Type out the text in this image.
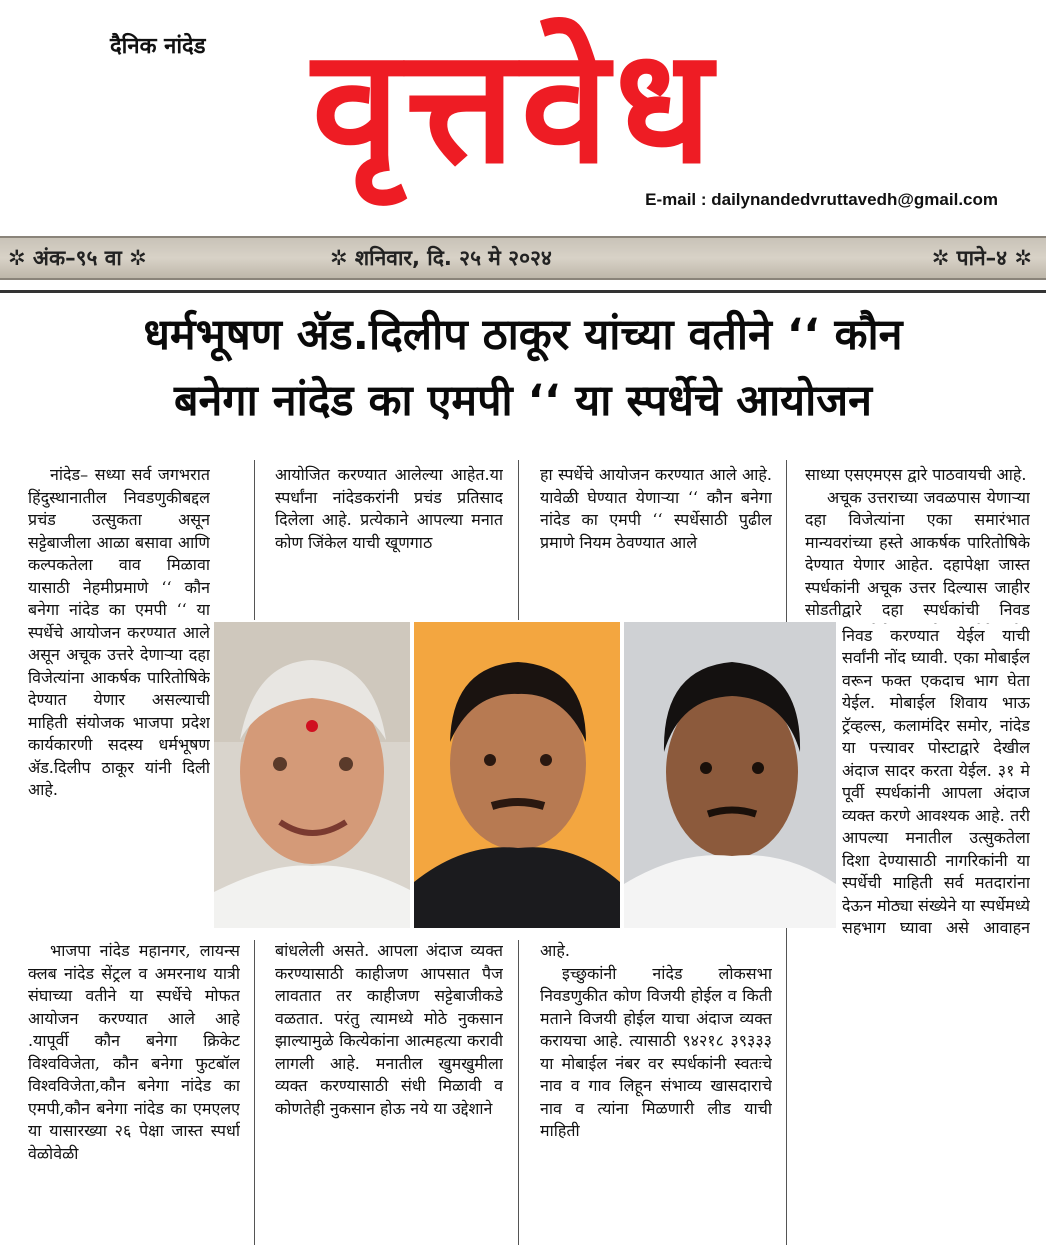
वृत्तवेध
दैनिक नांदेड
E-mail : dailynandedvruttavedh@gmail.com
✲ अंक–९५ वा ✲	✲ शनिवार, दि. २५ मे २०२४	✲ पाने–४ ✲
धर्मभूषण ॲड.दिलीप ठाकूर यांच्या वतीने ‘‘ कौन
बनेगा नांदेड का एमपी ‘‘ या स्पर्धेचे आयोजन

नांदेड– सध्या सर्व जगभरात हिंदुस्थानातील निवडणुकीबद्दल प्रचंड उत्सुकता असून सट्टेबाजीला आळा बसावा आणि कल्पकतेला वाव मिळावा यासाठी नेहमीप्रमाणे ‘‘ कौन बनेगा नांदेड का एमपी ‘‘ या स्पर्धेचे आयोजन करण्यात आले असून अचूक उत्तरे देणाऱ्या दहा विजेत्यांना आकर्षक पारितोषिके देण्यात येणार असल्याची माहिती संयोजक भाजपा प्रदेश कार्यकारणी सदस्य धर्मभूषण ॲड.दिलीप ठाकूर यांनी दिली आहे.

भाजपा नांदेड महानगर, लायन्स क्लब नांदेड सेंट्रल व अमरनाथ यात्री संघाच्या वतीने या स्पर्धेचे मोफत आयोजन करण्यात आले आहे .यापूर्वी कौन बनेगा क्रिकेट विश्वविजेता, कौन बनेगा फुटबॉल विश्वविजेता,कौन बनेगा नांदेड का एमपी,कौन बनेगा नांदेड का एमएलए या यासारख्या २६ पेक्षा जास्त स्पर्धा वेळोवेळी

आयोजित करण्यात आलेल्या आहेत.या स्पर्धांना नांदेडकरांनी प्रचंड प्रतिसाद दिलेला आहे. प्रत्येकाने आपल्या मनात कोण जिंकेल याची खूणगाठ

बांधलेली असते. आपला अंदाज व्यक्त करण्यासाठी काहीजण आपसात पैज लावतात तर काहीजण सट्टेबाजीकडे वळतात. परंतु त्यामध्ये मोठे नुकसान झाल्यामुळे कित्येकांना आत्महत्या करावी लागली आहे. मनातील खुमखुमीला व्यक्त करण्यासाठी संधी मिळावी व कोणतेही नुकसान होऊ नये या उद्देशाने

हा स्पर्धेचे आयोजन करण्यात आले आहे. यावेळी घेण्यात येणाऱ्या ‘‘ कौन बनेगा नांदेड का एमपी ‘‘ स्पर्धेसाठी पुढील प्रमाणे नियम ठेवण्यात आले

आहे.

इच्छुकांनी नांदेड लोकसभा निवडणुकीत कोण विजयी होईल व किती मताने विजयी होईल याचा अंदाज व्यक्त करायचा आहे. त्यासाठी ९४२१८ ३९३३३ या मोबाईल नंबर वर स्पर्धकांनी स्वतःचे नाव व गाव लिहून संभाव्य खासदाराचे नाव व त्यांना मिळणारी लीड याची माहिती

साध्या एसएमएस द्वारे पाठवायची आहे.

अचूक उत्तराच्या जवळपास येणाऱ्या दहा विजेत्यांना एका समारंभात मान्यवरांच्या हस्ते आकर्षक पारितोषिके देण्यात येणार आहेत. दहापेक्षा जास्त स्पर्धकांनी अचूक उत्तर दिल्यास जाहीर सोडतीद्वारे दहा स्पर्धकांची निवड

निवड करण्यात येईल याची सर्वांनी नोंद घ्यावी. एका मोबाईल वरून फक्त एकदाच भाग घेता येईल. मोबाईल शिवाय भाऊ ट्रॅव्हल्स, कलामंदिर समोर, नांदेड या पत्त्यावर पोस्टाद्वारे देखील अंदाज सादर करता येईल. ३१ मे पूर्वी स्पर्धकांनी आपला अंदाज व्यक्त करणे आवश्यक आहे. तरी आपल्या मनातील उत्सुकतेला दिशा देण्यासाठी नागरिकांनी या स्पर्धेची माहिती सर्व मतदारांना देऊन मोठ्या संख्येने या स्पर्धेमध्ये सहभाग घ्यावा असे आवाहन
